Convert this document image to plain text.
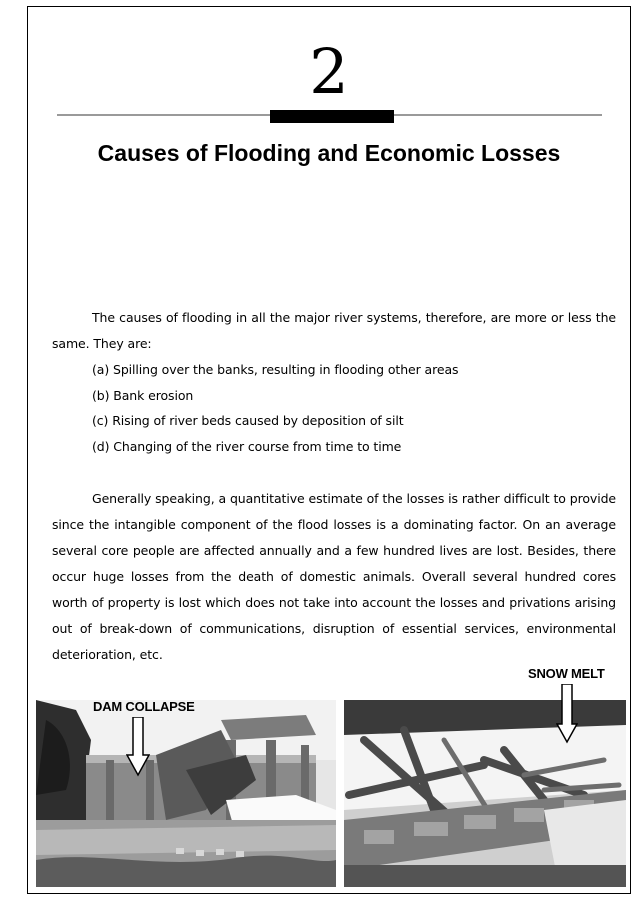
2
Causes of Flooding and Economic Losses

The causes of flooding in all the major river systems, therefore, are more or less the same. They are:

(a) Spilling over the banks, resulting in flooding other areas
(b) Bank erosion
(c) Rising of river beds caused by deposition of silt
(d) Changing of the river course from time to time

Generally speaking, a quantitative estimate of the losses is rather difficult to provide since the intangible component of the flood losses is a dominating factor. On an average several core people are affected annually and a few hundred lives are lost. Besides, there occur huge losses from the death of domestic animals. Overall several hundred cores worth of property is lost which does not take into account the losses and privations arising out of break-down of communications, disruption of essential services, environmental deterioration, etc.

DAM COLLAPSE
SNOW MELT
